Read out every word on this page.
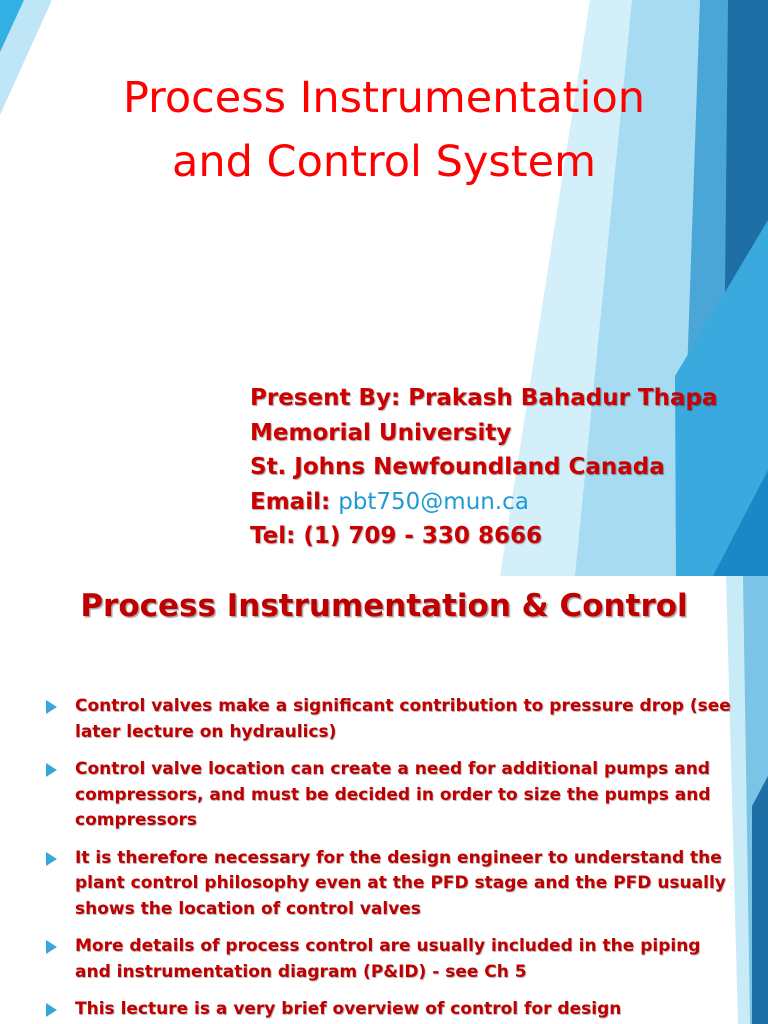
Process Instrumentation
and Control System
Present By: Prakash Bahadur Thapa
Memorial University
St. Johns Newfoundland Canada
Email: pbt750@mun.ca
Tel: (1) 709 - 330 8666
Process Instrumentation & Control
Control valves make a significant contribution to pressure drop (see later lecture on hydraulics)
Control valve location can create a need for additional pumps and compressors, and must be decided in order to size the pumps and compressors
It is therefore necessary for the design engineer to understand the plant control philosophy even at the PFD stage and the PFD usually shows the location of control valves
More details of process control are usually included in the piping and instrumentation diagram (P&ID) - see Ch 5
This lecture is a very brief overview of control for design
